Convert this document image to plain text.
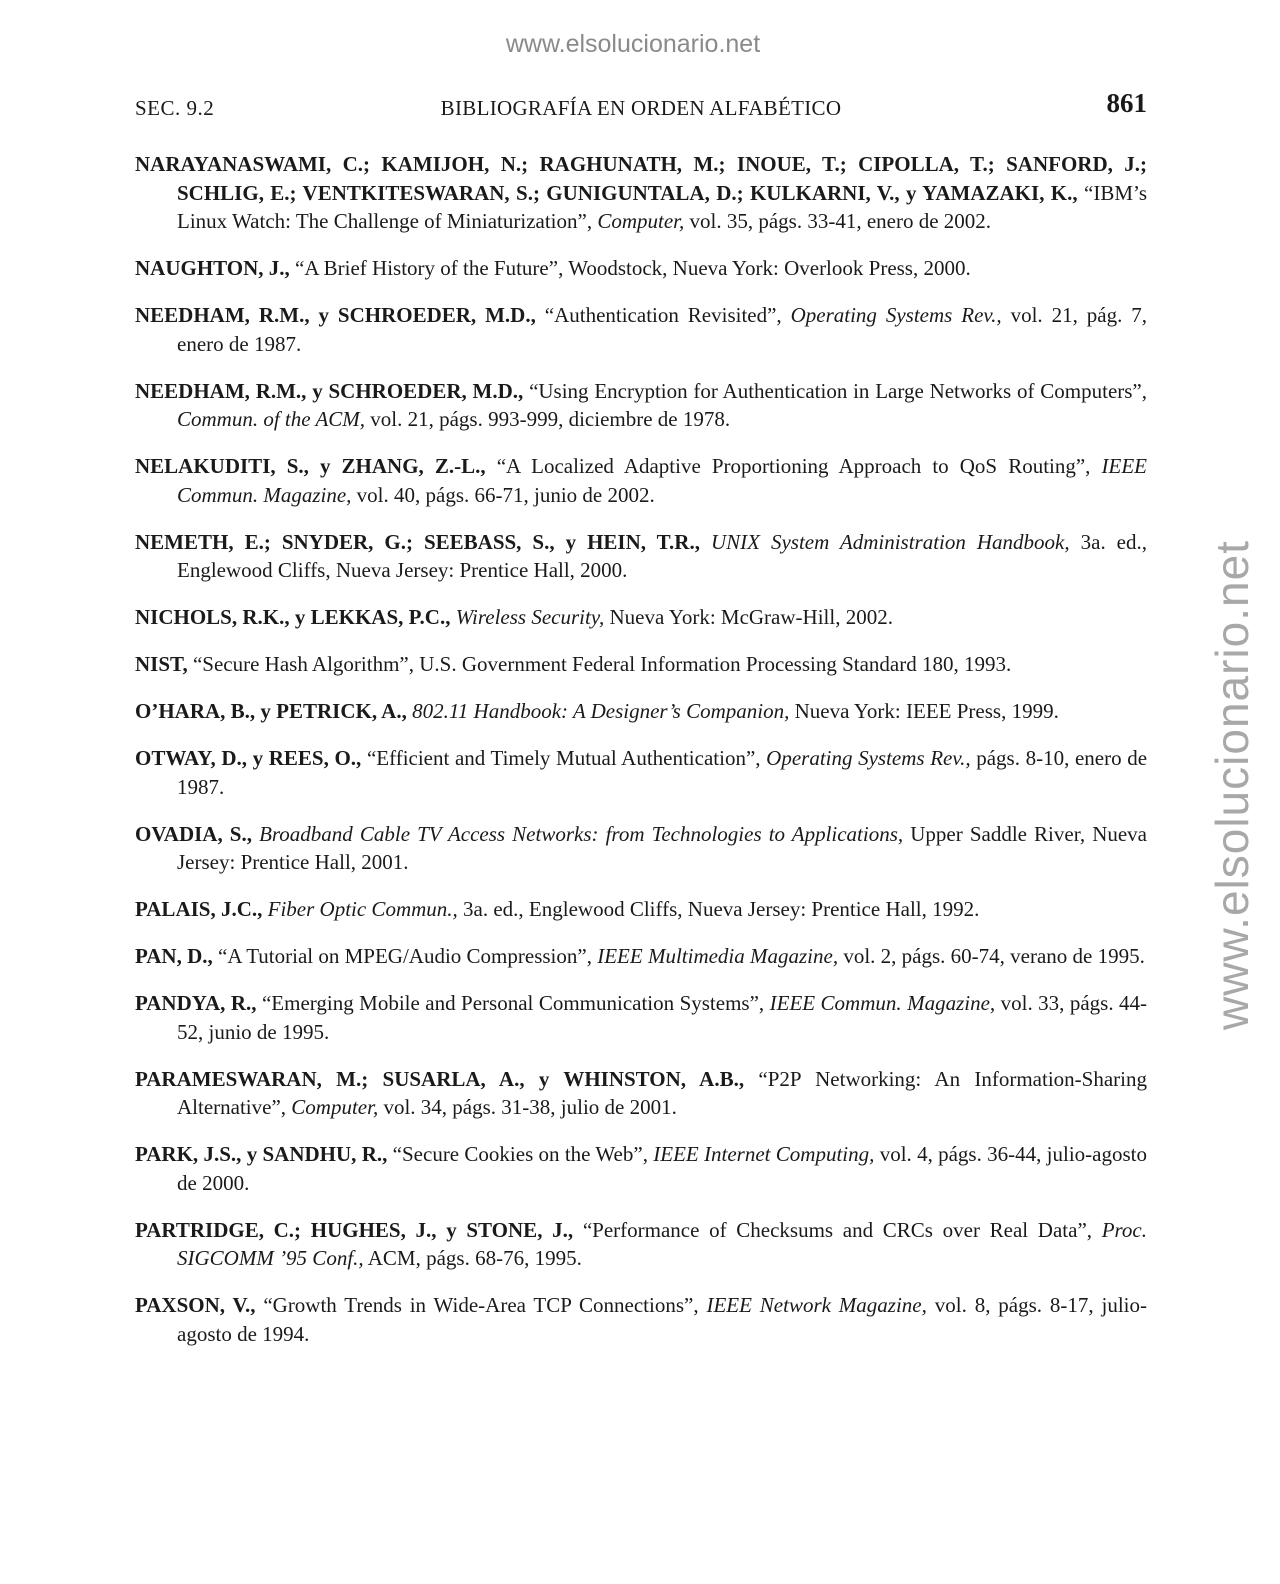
www.elsolucionario.net
www.elsolucionario.net
SEC. 9.2	BIBLIOGRAFÍA EN ORDEN ALFABÉTICO	861

NARAYANASWAMI, C.; KAMIJOH, N.; RAGHUNATH, M.; INOUE, T.; CIPOLLA, T.; SANFORD, J.; SCHLIG, E.; VENTKITESWARAN, S.; GUNIGUNTALA, D.; KULKARNI, V., y YAMAZAKI, K.,“IBM’s Linux Watch: The Challenge of Miniaturization”, Computer, vol. 35, págs. 33-41, enero de 2002.

NAUGHTON, J.,“A Brief History of the Future”, Woodstock, Nueva York: Overlook Press, 2000.

NEEDHAM, R.M., y SCHROEDER, M.D.,“Authentication Revisited”, Operating Systems Rev., vol. 21, pág. 7, enero de 1987.

NEEDHAM, R.M., y SCHROEDER, M.D.,“Using Encryption for Authentication in Large Networks of Computers”,Commun. of the ACM, vol. 21, págs. 993-999, diciembre de 1978.

NELAKUDITI, S., y ZHANG, Z.-L.,“A Localized Adaptive Proportioning Approach to QoS Routing”, IEEE Commun. Magazine, vol. 40, págs. 66-71, junio de 2002.

NEMETH, E.; SNYDER, G.; SEEBASS, S., y HEIN, T.R., UNIX System Administration Handbook, 3a. ed., Englewood Cliffs, Nueva Jersey: Prentice Hall, 2000.

NICHOLS, R.K., y LEKKAS, P.C., Wireless Security, Nueva York: McGraw-Hill, 2002.

NIST,“Secure Hash Algorithm”, U.S. Government Federal Information Processing Standard 180, 1993.

O’HARA, B., y PETRICK, A., 802.11 Handbook: A Designer’s Companion, Nueva York: IEEE Press, 1999.

OTWAY, D., y REES, O.,“Efficient and Timely Mutual Authentication”, Operating Systems Rev., págs. 8-10, enero de 1987.

OVADIA, S., Broadband Cable TV Access Networks: from Technologies to Applications, Upper Saddle River, Nueva Jersey: Prentice Hall, 2001.

PALAIS, J.C., Fiber Optic Commun., 3a. ed., Englewood Cliffs, Nueva Jersey: Prentice Hall, 1992.

PAN, D.,“A Tutorial on MPEG/Audio Compression”, IEEE Multimedia Magazine, vol. 2, págs. 60-74, verano de 1995.

PANDYA, R.,“Emerging Mobile and Personal Communication Systems”, IEEE Commun. Magazine, vol. 33, págs. 44-52, junio de 1995.

PARAMESWARAN, M.; SUSARLA, A., y WHINSTON, A.B.,“P2P Networking: An Information-Sharing Alternative”, Computer, vol. 34, págs. 31-38, julio de 2001.

PARK, J.S., y SANDHU, R.,“Secure Cookies on the Web”, IEEE Internet Computing, vol. 4, págs. 36-44, julio-agosto de 2000.

PARTRIDGE, C.; HUGHES, J., y STONE, J.,“Performance of Checksums and CRCs over Real Data”, Proc. SIGCOMM ’95 Conf., ACM, págs. 68-76, 1995.

PAXSON, V.,“Growth Trends in Wide-Area TCP Connections”, IEEE Network Magazine, vol. 8, págs. 8-17, julio-agosto de 1994.
